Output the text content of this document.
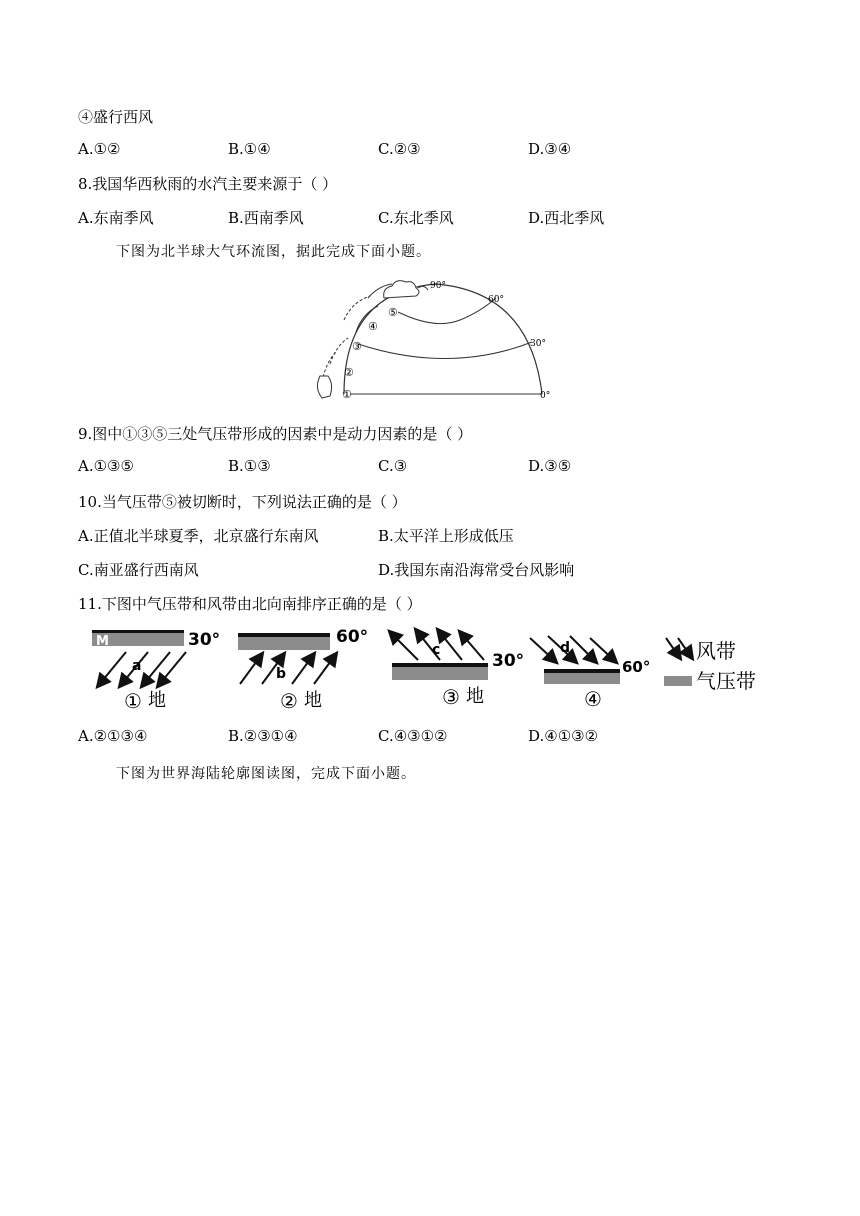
④盛行西风
A.①②	B.①④	C.②③	D.③④
8.我国华西秋雨的水汽主要来源于（ ）
A.东南季风	B.西南季风	C.东北季风	D.西北季风
下图为北半球大气环流图，据此完成下面小题。
90°
60°
30°
0°
①
②
③
④
⑤
9.图中①③⑤三处气压带形成的因素中是动力因素的是（ ）
A.①③⑤	B.①③	C.③	D.③⑤
10.当气压带⑤被切断时，下列说法正确的是（ ）
A.正值北半球夏季，北京盛行东南风	B.太平洋上形成低压
C.南亚盛行西南风	D.我国东南沿海常受台风影响
11.下图中气压带和风带由北向南排序正确的是（ ）
M	30°
a
① 地
60°
b
② 地
30°
c
③ 地
60°
d
④
风带
气压带
A.②①③④	B.②③①④	C.④③①②	D.④①③②
下图为世界海陆轮廓图读图，完成下面小题。
